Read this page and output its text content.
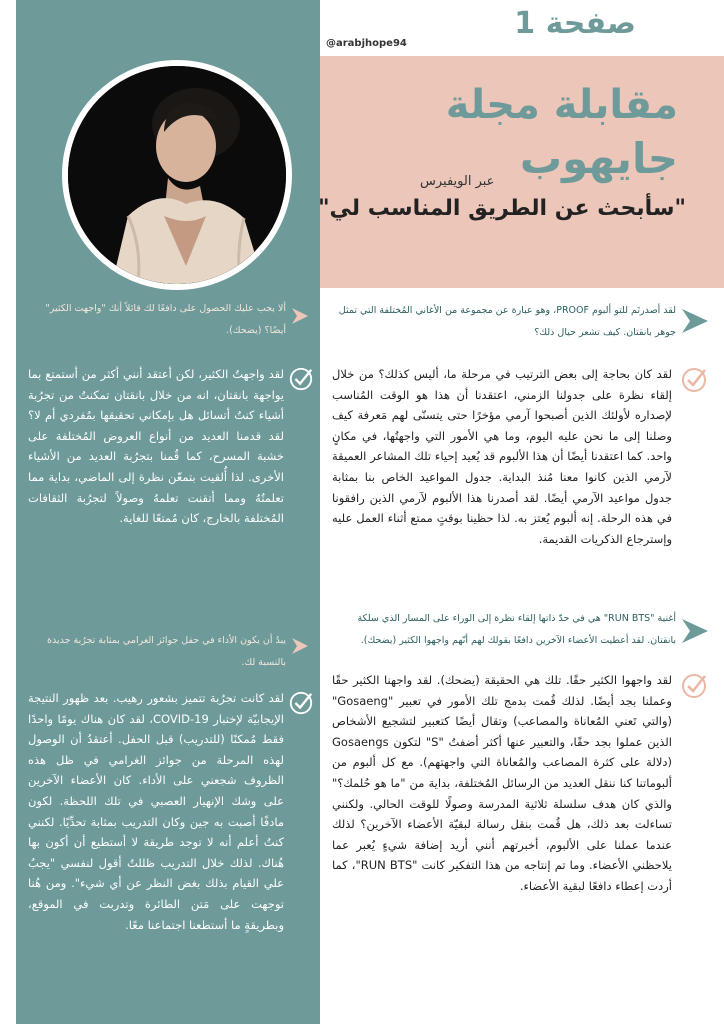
صفحة 1
@arabjhope94
مقابلة مجلة
جايهوب
عبر الويفيرس
"سأبحث عن الطريق المناسب لي"
لقد أصدرتَم للتو ألبوم PROOF، وهو عبارة عن مجموعة من الأغاني المُختلفة التي تمثل جوهر بانقتان. كيف تشعر حيال ذلك؟
لقد كان بحاجة إلى بعض الترتيب في مرحلة ما، أليس كذلك؟ من خلال إلقاء نظرة على جدولنا الزمني، اعتقدنا أن هذا هو الوقت المُناسب لإصداره لأولئك الذين أصبحوا آرمي مؤخرًا حتى يتسنّى لهم مَعرفة كيف وصلنا إلى ما نحن عليه اليوم، وما هي الأمور التي واجهتُها، في مكانٍ واحد. كما اعتقدنا أيضًا أن هذا الألبوم قد يُعيد إحياء تلك المشاعر العميقة لآرمي الذين كانوا معنا مُنذ البداية. جدول المواعيد الخاص بنا بمثابة جدول مواعيد الآرمي أيضًا. لقد أصدرنا هذا الألبوم لآرمي الذين رافقونا في هذه الرحلة. إنه ألبوم يُعتز به. لذا حظينا بوقتٍ ممتع أثناء العمل عليه وإسترجاع الذكريات القديمة.
أغنية "RUN BTS" هي في حدّ ذاتها إلقاء نظرة إلى الوراء على المسار الذي سلكة بانقتان. لقد أعطيت الأعضاء الآخرين دافعًا بقولك لهم أنّهم واجهوا الكثير (يضحك).
لقد واجهوا الكثير حقًا. تلك هي الحقيقة (يضحك). لقد واجهنا الكثير حقًا وعملنا بجد أيضًا. لذلك قُمت بدمج تلك الأمور في تعبير "Gosaeng" (والتي تَعني المُعاناة والمصاعب) وتقال أيضًا كتعبير لتشجيع الأشخاص الذين عملوا بجد حقًا، والتعبير عنها أكثر أضفتُ "S" لتكون Gosaengs (دلالة على كثرة المصاعب والمُعاناة التي واجهتهم). مع كل ألبوم من ألبوماتنا كنا ننقل العديد من الرسائل المُختلفة، بداية من "ما هو حُلمك؟" والذي كان هدف سلسلة ثلاثية المدرسة وصولًا للوقت الحالي. ولكنني تساءلت بعد ذلك، هل قُمت بنقل رسالة لبقيّة الأعضاء الآخرين؟ لذلك عندما عملنا على الألبوم، أخبرتهم أنني أريد إضافة شيءٍ يُعبر عما يلاحظني الأعضاء. وما تم إنتاجه من هذا التفكير كانت "RUN BTS"، كما أردت إعطاء دافعًا لبقية الأعضاء.
ألا يجب عليك الحصول على دافعًا لك قائلاً أنك "واجهت الكثير" أيضًا؟ (يضحك).
لقد واجهتُ الكثير، لكن أعتقد أنني أكثر من أستمتع بما يواجهة بانقتان، انه من خلال بانقتان تمكنتُ من تجرُبة أشياء كنتُ أتسائل هل بإمكاني تحقيقها بمُفردي أم لا؟ لقد قدمنا العديد من أنواع العروض المُختلفة على خشبة المسرح، كما قُمنا بتجرُبة العديد من الأشياء الأخرى. لذا أُلقيت بتمعّن نظرة إلى الماضي، بداية مما تعلمتُهُ ومما أتقنت تعلمهُ وصولاً لتجرُبة الثقافات المُختلفة بالخارج، كان مُمتعًا للغاية.
يبدُ أن يكون الأداء في حفل جوائز الغرامي بمثابة تجرُبة جديدة بالنسبة لك.
لقد كانت تجرُبة تتميز بشعور رهيب. بعد ظهور النتيجة الإيجابيّة لإختبار COVID-19، لقد كان هناك يومًا واحدًا فقط مُمكنًا (للتدريب) قبل الحفل. أعتقدُ أن الوصول لهذه المرحلة من جوائز الغرامي في ظل هذه الظروف شجعني على الأداء. كان الأعضاء الآخرين على وشك الإنهيار العصبي في تلك اللحظة. لكون مادفًا أصبت به جين وكان التدريب بمثابة تحدِّيًا. لكنني كنتُ أعلم أنه لا توجد طريقة لا أستطيع أن أكون بها هُناك. لذلك خلال التدريب ظللتُ أقول لنفسي "يجبُ علي القيام بذلك بغض النظر عن أي شيء". ومن هُنا توجهت على مَتن الطائرة وتدربت في الموقع، وبطريقةٍ ما أستطعنا اجتماعنا معًا.
